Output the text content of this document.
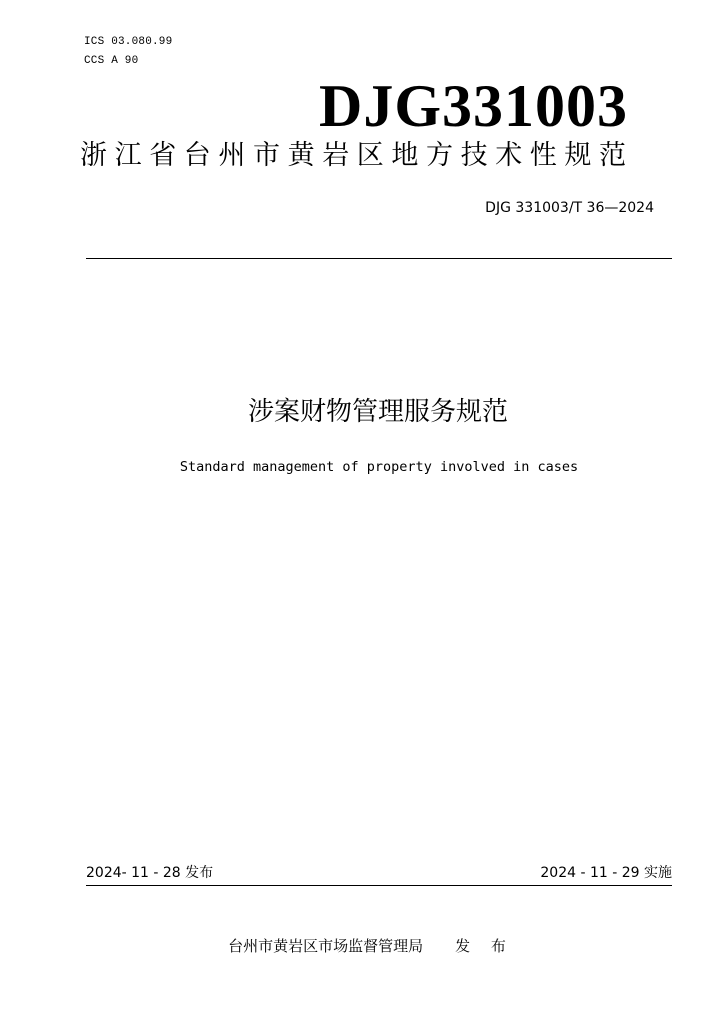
ICS 03.080.99
CCS A 90
DJG331003
浙江省台州市黄岩区地方技术性规范
DJG 331003/T 36—2024
涉案财物管理服务规范
Standard management of property involved in cases
2024- 11 - 28 发布	2024 - 11 - 29 实施
台州市黄岩区市场监督管理局 发 布
